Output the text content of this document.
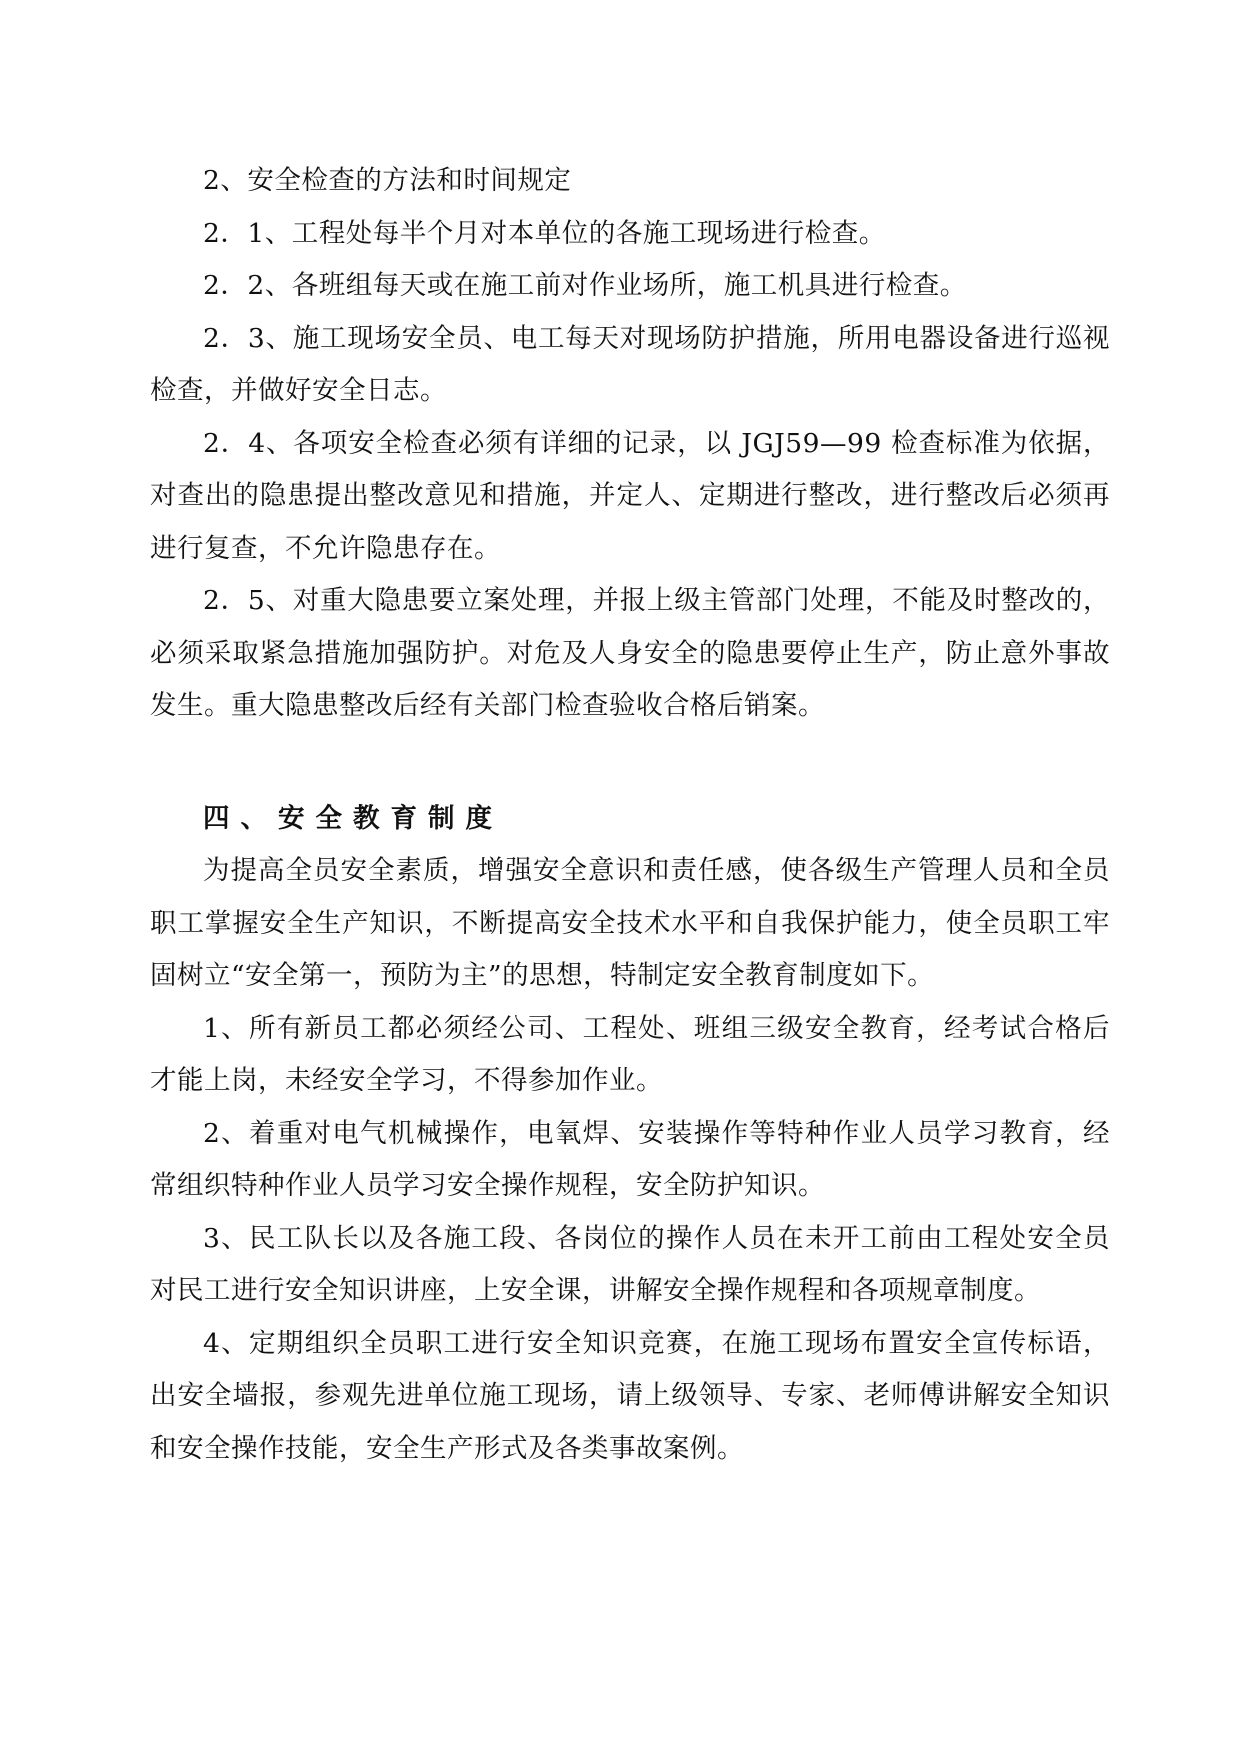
2、安全检查的方法和时间规定

2．1、工程处每半个月对本单位的各施工现场进行检查。

2．2、各班组每天或在施工前对作业场所，施工机具进行检查。

2．3、施工现场安全员、电工每天对现场防护措施，所用电器设备进行巡视检查，并做好安全日志。

2．4、各项安全检查必须有详细的记录，以 JGJ59—99 检查标准为依据，对查出的隐患提出整改意见和措施，并定人、定期进行整改，进行整改后必须再进行复查，不允许隐患存在。

2．5、对重大隐患要立案处理，并报上级主管部门处理，不能及时整改的，必须采取紧急措施加强防护。对危及人身安全的隐患要停止生产，防止意外事故发生。重大隐患整改后经有关部门检查验收合格后销案。

四、安全教育制度

为提高全员安全素质，增强安全意识和责任感，使各级生产管理人员和全员职工掌握安全生产知识，不断提高安全技术水平和自我保护能力，使全员职工牢固树立“安全第一，预防为主”的思想，特制定安全教育制度如下。

1、所有新员工都必须经公司、工程处、班组三级安全教育，经考试合格后才能上岗，未经安全学习，不得参加作业。

2、着重对电气机械操作，电氧焊、安装操作等特种作业人员学习教育，经常组织特种作业人员学习安全操作规程，安全防护知识。

3、民工队长以及各施工段、各岗位的操作人员在未开工前由工程处安全员对民工进行安全知识讲座，上安全课，讲解安全操作规程和各项规章制度。

4、定期组织全员职工进行安全知识竞赛，在施工现场布置安全宣传标语，出安全墙报，参观先进单位施工现场，请上级领导、专家、老师傅讲解安全知识和安全操作技能，安全生产形式及各类事故案例。
